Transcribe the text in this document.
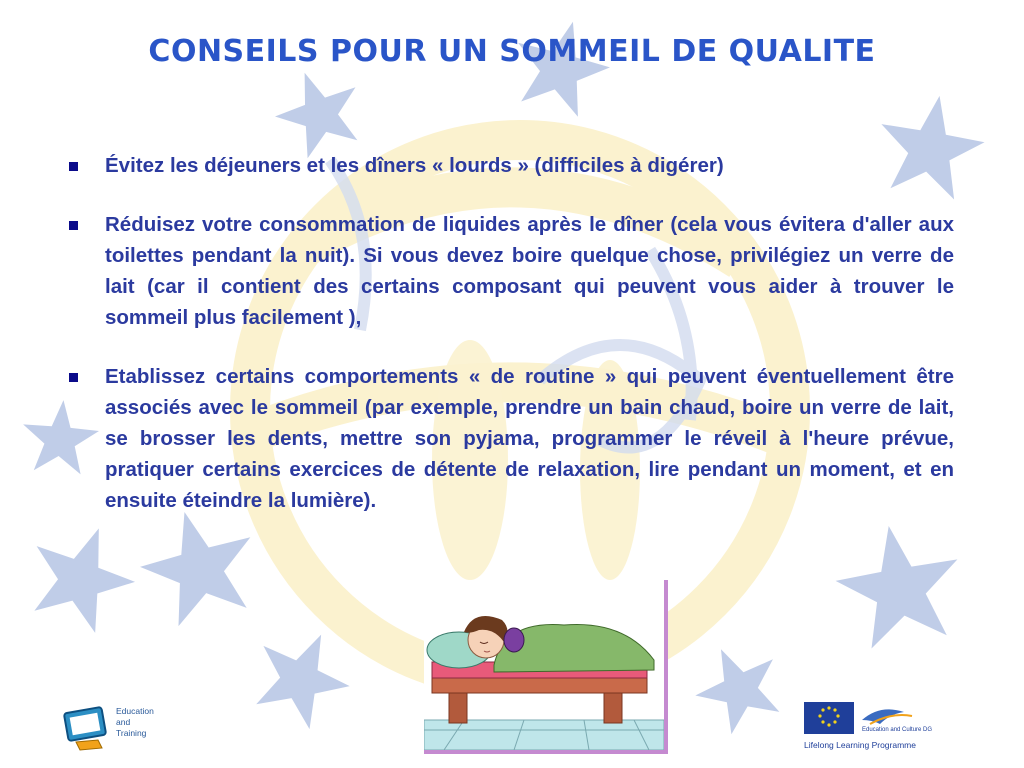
CONSEILS POUR UN SOMMEIL DE QUALITE
Évitez les déjeuners et les dîners « lourds » (difficiles à digérer)
Réduisez votre consommation de liquides après le dîner (cela vous évitera d'aller aux toilettes pendant la nuit). Si vous devez boire quelque chose, privilégiez un verre de lait (car il contient des certains composant qui peuvent vous aider à trouver le sommeil plus facilement ),
Etablissez certains comportements « de routine » qui peuvent éventuellement être associés avec le sommeil (par exemple, prendre un bain chaud, boire un verre de lait, se brosser les dents, mettre son pyjama, programmer le réveil à l'heure prévue, pratiquer certains exercices de détente de relaxation, lire pendant un moment, et en ensuite éteindre la lumière).
Education
and
Training	Education and Culture DG
Lifelong Learning Programme
